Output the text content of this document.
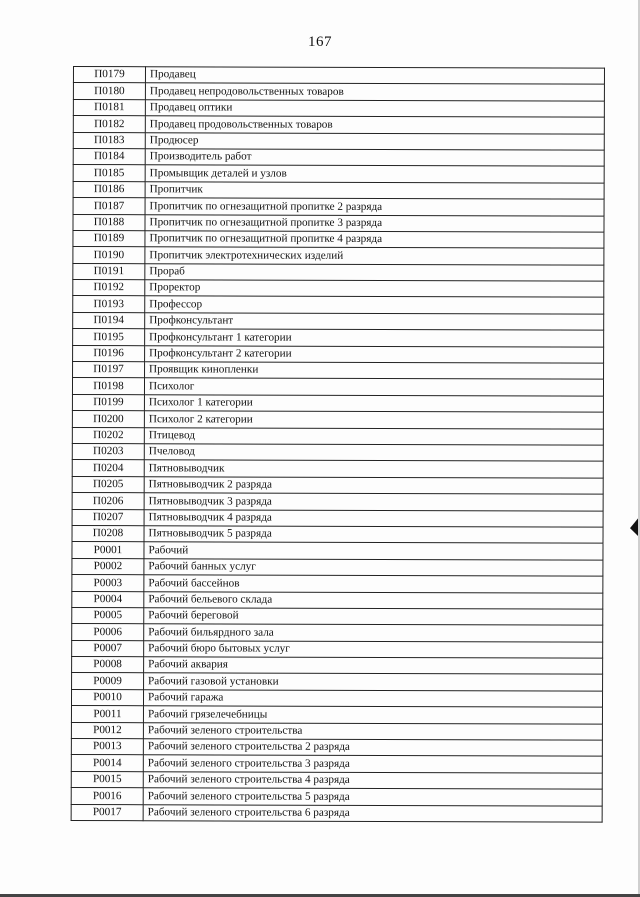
167
П0179	Продавец
П0180	Продавец непродовольственных товаров
П0181	Продавец оптики
П0182	Продавец продовольственных товаров
П0183	Продюсер
П0184	Производитель работ
П0185	Промывщик деталей и узлов
П0186	Пропитчик
П0187	Пропитчик по огнезащитной пропитке 2 разряда
П0188	Пропитчик по огнезащитной пропитке 3 разряда
П0189	Пропитчик по огнезащитной пропитке 4 разряда
П0190	Пропитчик электротехнических изделий
П0191	Прораб
П0192	Проректор
П0193	Профессор
П0194	Профконсультант
П0195	Профконсультант 1 категории
П0196	Профконсультант 2 категории
П0197	Проявщик кинопленки
П0198	Психолог
П0199	Психолог 1 категории
П0200	Психолог 2 категории
П0202	Птицевод
П0203	Пчеловод
П0204	Пятновыводчик
П0205	Пятновыводчик 2 разряда
П0206	Пятновыводчик 3 разряда
П0207	Пятновыводчик 4 разряда
П0208	Пятновыводчик 5 разряда
Р0001	Рабочий
Р0002	Рабочий банных услуг
Р0003	Рабочий бассейнов
Р0004	Рабочий бельевого склада
Р0005	Рабочий береговой
Р0006	Рабочий бильярдного зала
Р0007	Рабочий бюро бытовых услуг
Р0008	Рабочий аквария
Р0009	Рабочий газовой установки
Р0010	Рабочий гаража
Р0011	Рабочий грязелечебницы
Р0012	Рабочий зеленого строительства
Р0013	Рабочий зеленого строительства 2 разряда
Р0014	Рабочий зеленого строительства 3 разряда
Р0015	Рабочий зеленого строительства 4 разряда
Р0016	Рабочий зеленого строительства 5 разряда
Р0017	Рабочий зеленого строительства 6 разряда
